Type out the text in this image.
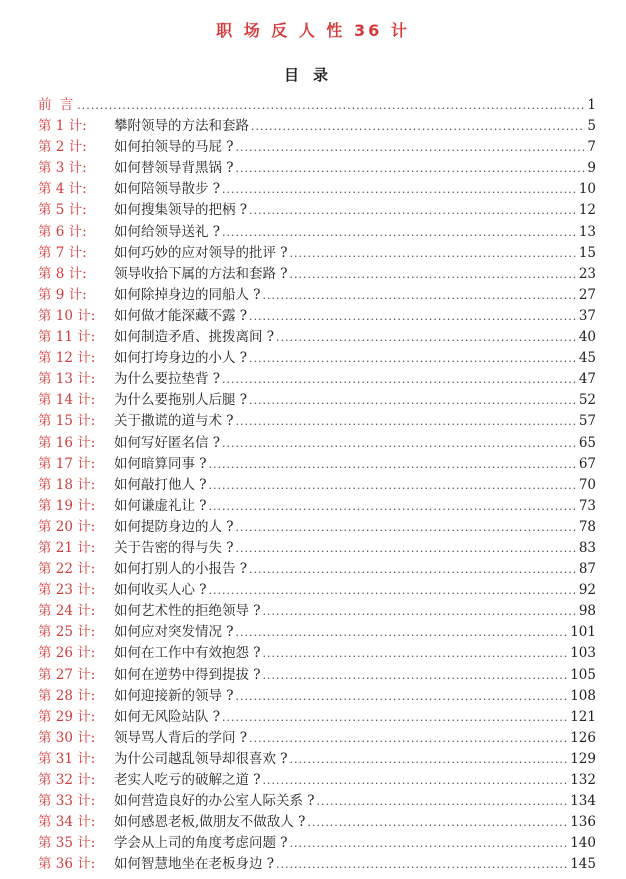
职 场 反 人 性 36 计
目录
前 言 .....	1
第 1 计:	攀附领导的方法和套路 .....	5
第 2 计:	如何拍领导的马屁 ? .....	7
第 3 计:	如何替领导背黑锅 ? .....	9
第 4 计:	如何陪领导散步 ? .....	10
第 5 计:	如何搜集领导的把柄 ? .....	12
第 6 计:	如何给领导送礼 ? .....	13
第 7 计:	如何巧妙的应对领导的批评 ? .....	15
第 8 计:	领导收拾下属的方法和套路 ? .....	23
第 9 计:	如何除掉身边的同船人 ? .....	27
第 10 计:	如何做才能深藏不露 ? .....	37
第 11 计:	如何制造矛盾、挑拨离间 ? .....	40
第 12 计:	如何打垮身边的小人 ? .....	45
第 13 计:	为什么要拉垫背 ? .....	47
第 14 计:	为什么要拖别人后腿 ? .....	52
第 15 计:	关于撒谎的道与术 ? .....	57
第 16 计:	如何写好匿名信 ? .....	65
第 17 计:	如何暗算同事 ? .....	67
第 18 计:	如何敲打他人 ? .....	70
第 19 计:	如何谦虚礼让 ? .....	73
第 20 计:	如何提防身边的人 ? .....	78
第 21 计:	关于告密的得与失 ? .....	83
第 22 计:	如何打别人的小报告 ? .....	87
第 23 计:	如何收买人心 ? .....	92
第 24 计:	如何艺术性的拒绝领导 ? .....	98
第 25 计:	如何应对突发情况 ? .....	101
第 26 计:	如何在工作中有效抱怨 ? .....	103
第 27 计:	如何在逆势中得到提拔 ? .....	105
第 28 计:	如何迎接新的领导 ? .....	108
第 29 计:	如何无风险站队 ? .....	121
第 30 计:	领导骂人背后的学问 ? .....	126
第 31 计:	为什公司越乱领导却很喜欢 ? .....	129
第 32 计:	老实人吃亏的破解之道 ? .....	132
第 33 计:	如何营造良好的办公室人际关系 ? .....	134
第 34 计:	如何感恩老板,做朋友不做敌人 ? .....	136
第 35 计:	学会从上司的角度考虑问题 ? .....	140
第 36 计:	如何智慧地坐在老板身边 ? .....	145
